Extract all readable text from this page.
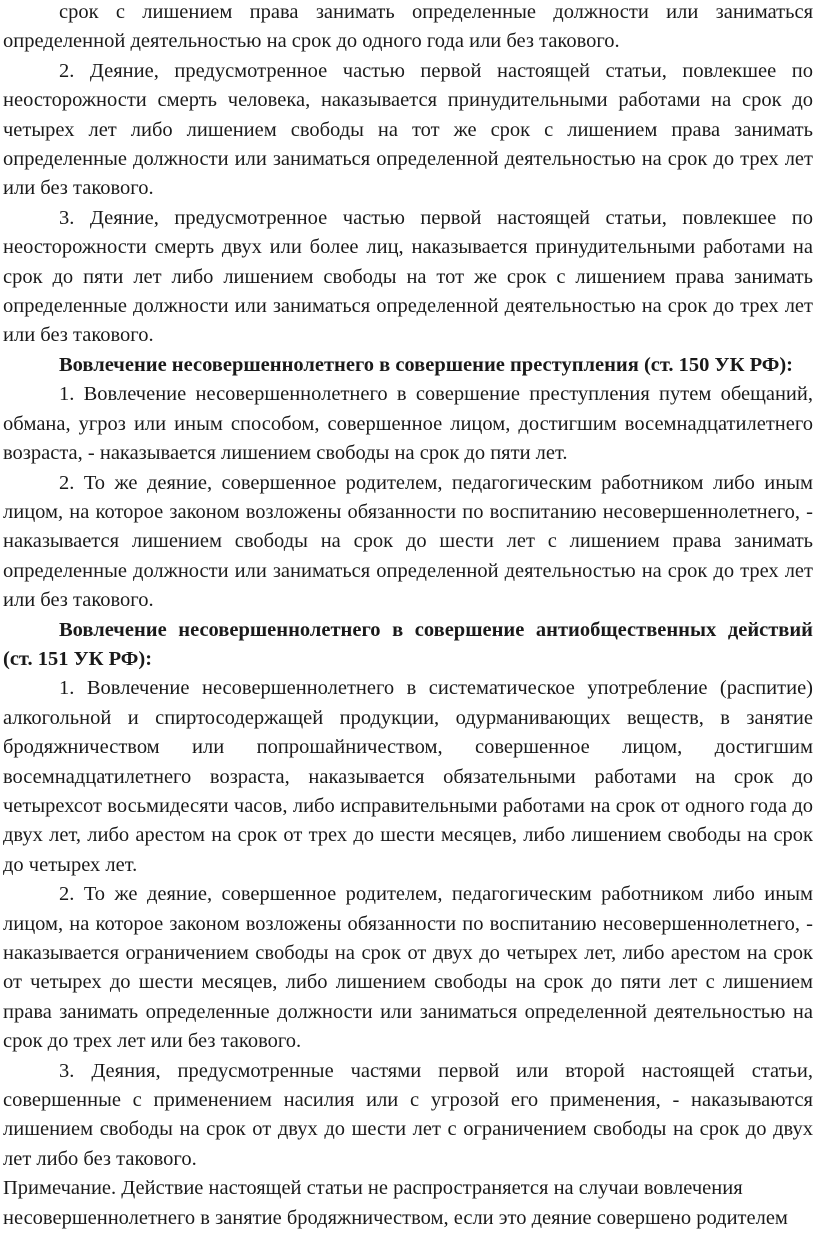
срок с лишением права занимать определенные должности или заниматься определенной деятельностью на срок до одного года или без такового.

2. Деяние, предусмотренное частью первой настоящей статьи, повлекшее по неосторожности смерть человека, наказывается принудительными работами на срок до четырех лет либо лишением свободы на тот же срок с лишением права занимать определенные должности или заниматься определенной деятельностью на срок до трех лет или без такового.

3. Деяние, предусмотренное частью первой настоящей статьи, повлекшее по неосторожности смерть двух или более лиц, наказывается принудительными работами на срок до пяти лет либо лишением свободы на тот же срок с лишением права занимать определенные должности или заниматься определенной деятельностью на срок до трех лет или без такового.

Вовлечение несовершеннолетнего в совершение преступления (ст. 150 УК РФ):

1. Вовлечение несовершеннолетнего в совершение преступления путем обещаний, обмана, угроз или иным способом, совершенное лицом, достигшим восемнадцатилетнего возраста, - наказывается лишением свободы на срок до пяти лет.

2. То же деяние, совершенное родителем, педагогическим работником либо иным лицом, на которое законом возложены обязанности по воспитанию несовершеннолетнего, - наказывается лишением свободы на срок до шести лет с лишением права занимать определенные должности или заниматься определенной деятельностью на срок до трех лет или без такового.

Вовлечение несовершеннолетнего в совершение антиобщественных действий (ст. 151 УК РФ):

1. Вовлечение несовершеннолетнего в систематическое употребление (распитие) алкогольной и спиртосодержащей продукции, одурманивающих веществ, в занятие бродяжничеством или попрошайничеством, совершенное лицом, достигшим восемнадцатилетнего возраста, наказывается обязательными работами на срок до четырехсот восьмидесяти часов, либо исправительными работами на срок от одного года до двух лет, либо арестом на срок от трех до шести месяцев, либо лишением свободы на срок до четырех лет.

2. То же деяние, совершенное родителем, педагогическим работником либо иным лицом, на которое законом возложены обязанности по воспитанию несовершеннолетнего, - наказывается ограничением свободы на срок от двух до четырех лет, либо арестом на срок от четырех до шести месяцев, либо лишением свободы на срок до пяти лет с лишением права занимать определенные должности или заниматься определенной деятельностью на срок до трех лет или без такового.

3. Деяния, предусмотренные частями первой или второй настоящей статьи, совершенные с применением насилия или с угрозой его применения, - наказываются лишением свободы на срок от двух до шести лет с ограничением свободы на срок до двух лет либо без такового.

Примечание. Действие настоящей статьи не распространяется на случаи вовлечения несовершеннолетнего в занятие бродяжничеством, если это деяние совершено родителем
